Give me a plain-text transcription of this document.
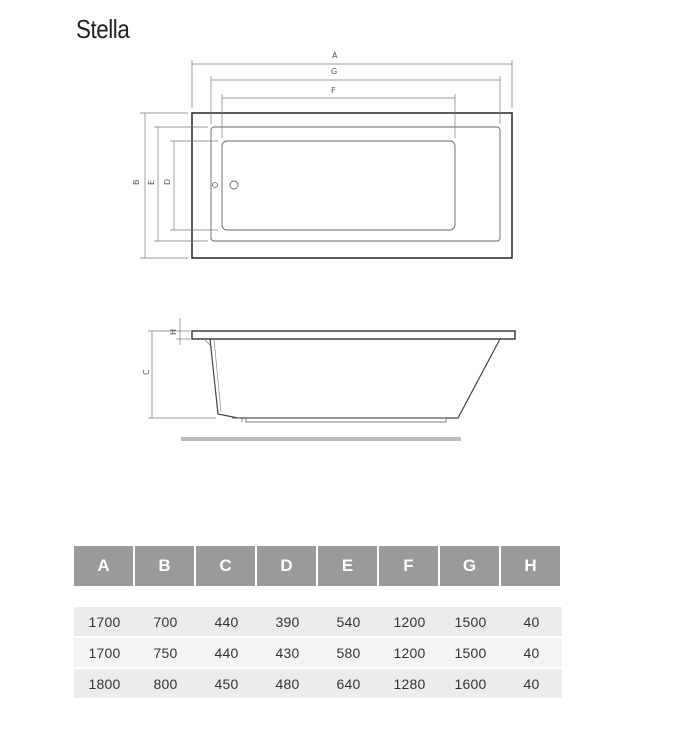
Stella
A
G
F
B E D
H
C
A	B	C	D	E	F	G	H
1700	700	440	390	540	1200	1500	40
1700	750	440	430	580	1200	1500	40
1800	800	450	480	640	1280	1600	40
